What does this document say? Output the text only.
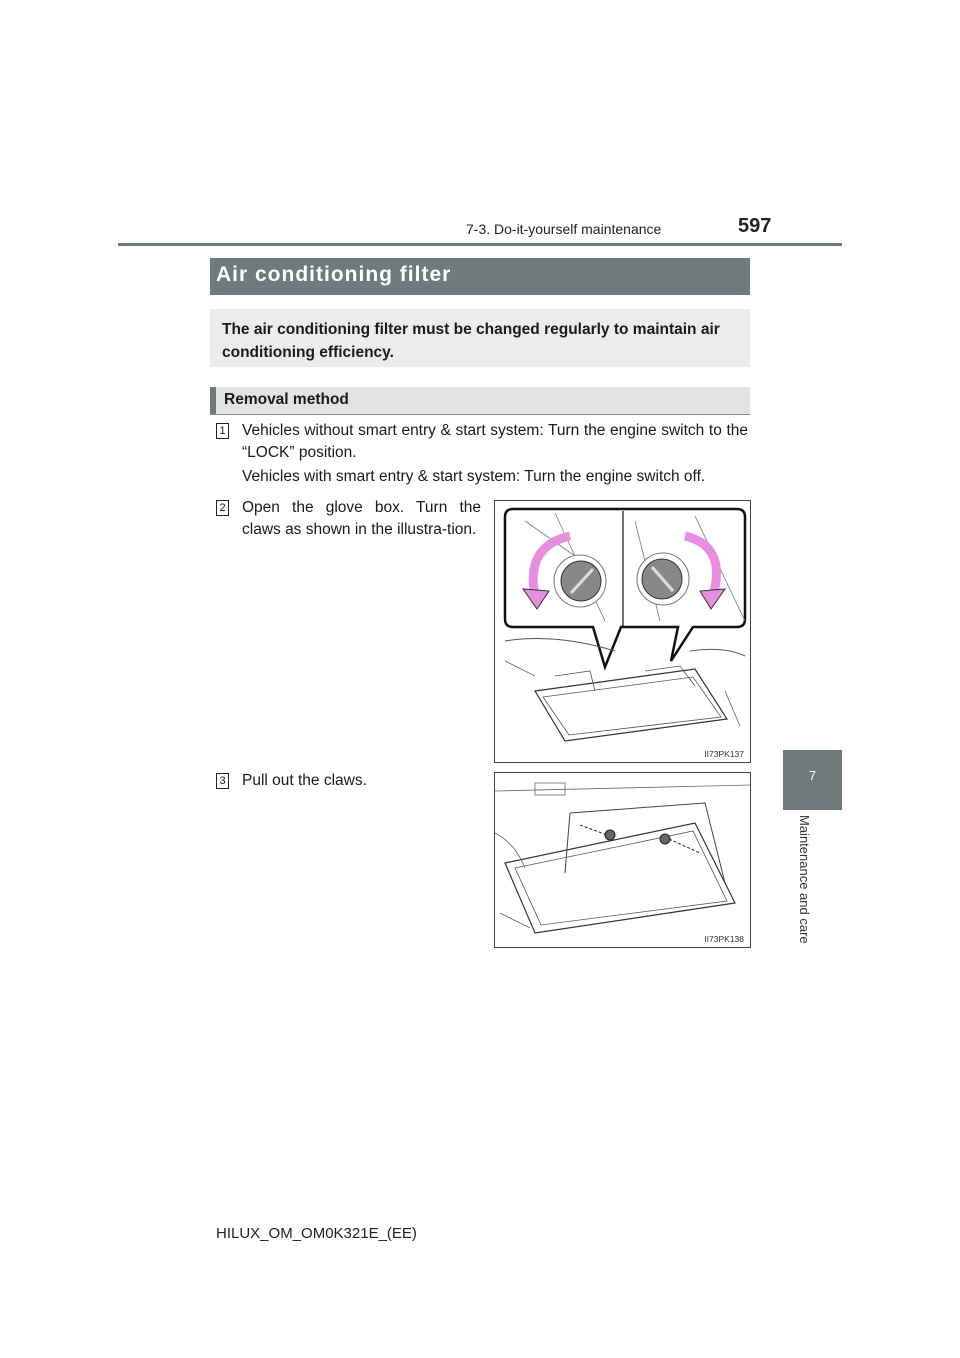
7-3. Do-it-yourself maintenance	597
7
Maintenance and care
Air conditioning filter
The air conditioning filter must be changed regularly to maintain air conditioning efficiency.
Removal method
1 Vehicles without smart entry & start system: Turn the engine switch to the “LOCK” position.
Vehicles with smart entry & start system: Turn the engine switch off.
2 Open the glove box. Turn the claws as shown in the illustra-tion.
II73PK137
3 Pull out the claws.
II73PK138
HILUX_OM_OM0K321E_(EE)
